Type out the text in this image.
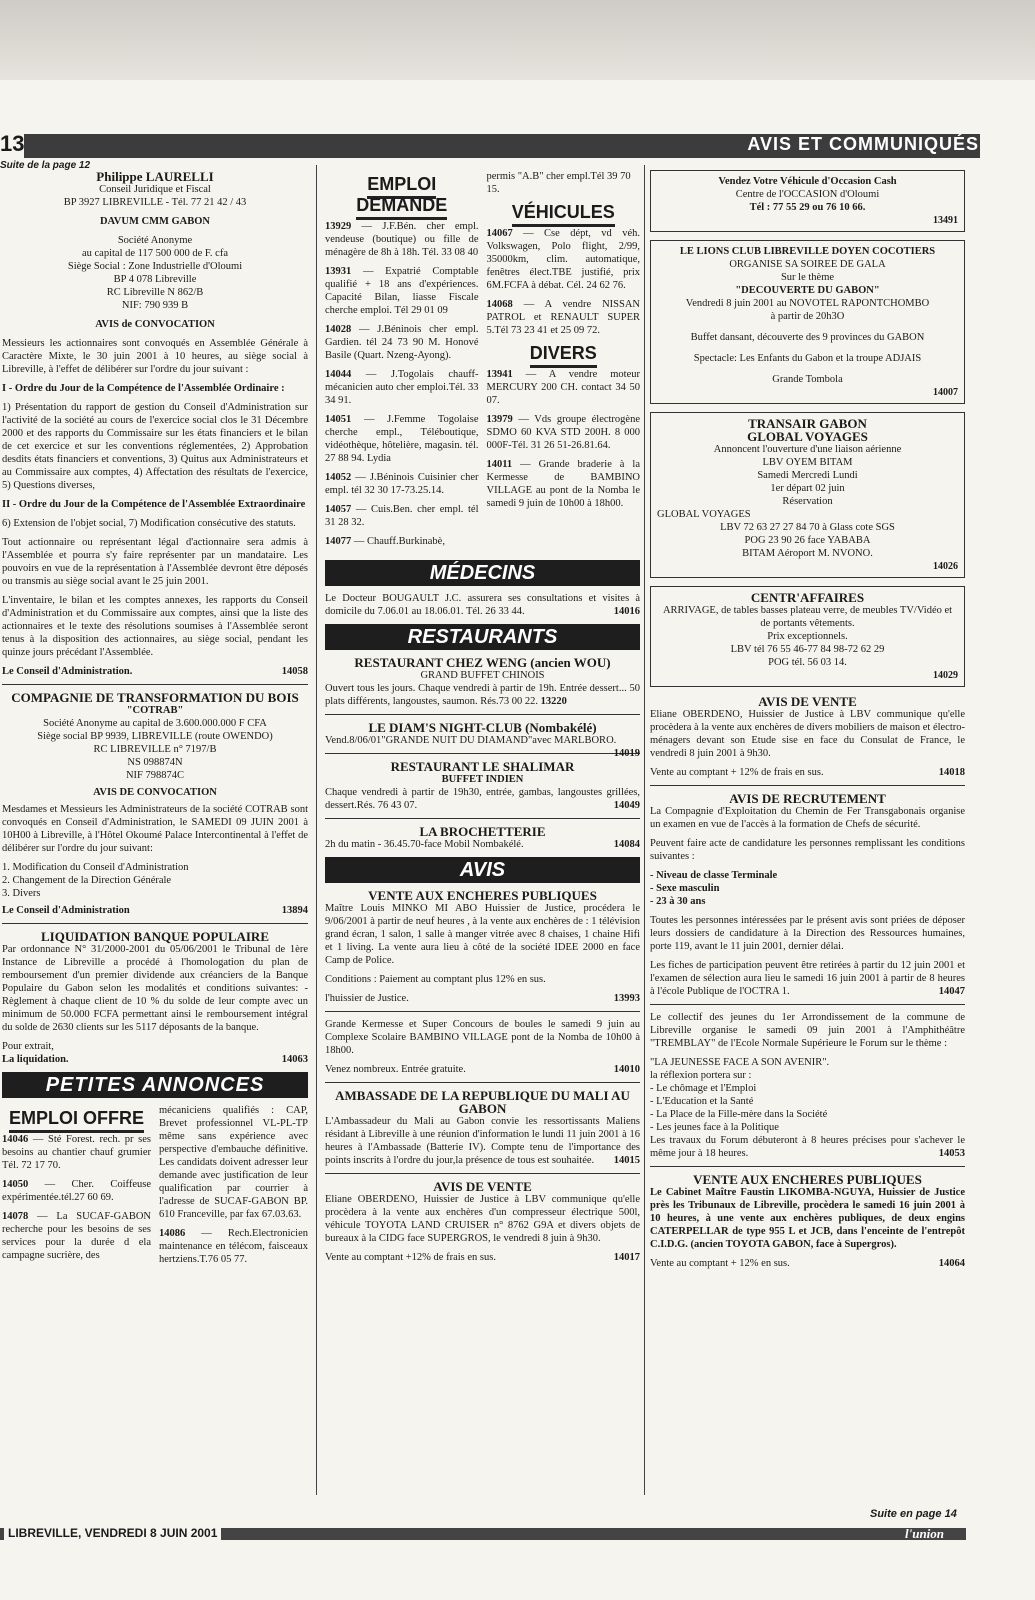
13	AVIS ET COMMUNIQUÉS
Suite de la page 12
Philippe LAURELLI
Conseil Juridique et Fiscal
BP 3927 LIBREVILLE - Tél. 77 21 42 / 43
DAVUM CMM GABON
Société Anonyme
au capital de 117 500 000 de F. cfa
Siège Social : Zone Industrielle d'Oloumi
BP 4 078 Libreville
RC Libreville N 862/B
NIF: 790 939 B
AVIS de CONVOCATION

Messieurs les actionnaires sont convoqués en Assemblée Générale à Caractère Mixte, le 30 juin 2001 à 10 heures, au siège social à Libreville, à l'effet de délibérer sur l'ordre du jour suivant :

I - Ordre du Jour de la Compétence de l'Assemblée Ordinaire :

1) Présentation du rapport de gestion du Conseil d'Administration sur l'activité de la société au cours de l'exercice social clos le 31 Décembre 2000 et des rapports du Commissaire sur les états financiers et le bilan de cet exercice et sur les conventions réglementées, 2) Approbation desdits états financiers et conventions, 3) Quitus aux Administrateurs et au Commissaire aux comptes, 4) Affectation des résultats de l'exercice, 5) Questions diverses,

II - Ordre du Jour de la Compétence de l'Assemblée Extraordinaire

6) Extension de l'objet social, 7) Modification consécutive des statuts.

Tout actionnaire ou représentant légal d'actionnaire sera admis à l'Assemblée et pourra s'y faire représenter par un mandataire. Les pouvoirs en vue de la représentation à l'Assemblée devront être déposés ou transmis au siège social avant le 25 juin 2001.

L'inventaire, le bilan et les comptes annexes, les rapports du Conseil d'Administration et du Commissaire aux comptes, ainsi que la liste des actionnaires et le texte des résolutions soumises à l'Assemblée seront tenus à la disposition des actionnaires, au siège social, pendant les quinze jours précédant l'Assemblée.

Le Conseil d'Administration.	14058
COMPAGNIE DE TRANSFORMATION DU BOIS
"COTRAB"
Société Anonyme au capital de 3.600.000.000 F CFA
Siège social BP 9939, LIBREVILLE (route OWENDO)
RC LIBREVILLE n° 7197/B
NS 098874N
NIF 798874C
AVIS DE CONVOCATION

Mesdames et Messieurs les Administrateurs de la société COTRAB sont convoqués en Conseil d'Administration, le SAMEDI 09 JUIN 2001 à 10H00 à Libreville, à l'Hôtel Okoumé Palace Intercontinental à l'effet de délibérer sur l'ordre du jour suivant:

1. Modification du Conseil d'Administration
2. Changement de la Direction Générale
3. Divers
Le Conseil d'Administration	13894
LIQUIDATION BANQUE POPULAIRE

Par ordonnance N° 31/2000-2001 du 05/06/2001 le Tribunal de 1ère Instance de Libreville a procédé à l'homologation du plan de remboursement d'un premier dividende aux créanciers de la Banque Populaire du Gabon selon les modalités et conditions suivantes: - Règlement à chaque client de 10 % du solde de leur compte avec un minimum de 50.000 FCFA permettant ainsi le remboursement intégral du solde de 2630 clients sur les 5117 déposants de la banque.

Pour extrait,
La liquidation.	14063
PETITES ANNONCES
EMPLOI OFFRE

14046 — Sté Forest. rech. pr ses besoins au chantier chauf grumier Tél. 72 17 70.

14050 — Cher. Coiffeuse expérimentée.tél.27 60 69.

14078 — La SUCAF-GABON recherche pour les besoins de ses services pour la durée d ela campagne sucrière, des

mécaniciens qualifiés : CAP, Brevet professionnel VL-PL-TP même sans expérience avec perspective d'embauche définitive. Les candidats doivent adresser leur demande avec justification de leur qualification par courrier à l'adresse de SUCAF-GABON BP. 610 Franceville, par fax 67.03.63.

14086 — Rech.Electronicien maintenance en télécom, faisceaux hertziens.T.76 05 77.

EMPLOI DEMANDE

13929 — J.F.Bén. cher empl. vendeuse (boutique) ou fille de ménagère de 8h à 18h. Tél. 33 08 40

13931 — Expatrié Comptable qualifié + 18 ans d'expériences. Capacité Bilan, liasse Fiscale cherche emploi. Tél 29 01 09

14028 — J.Béninois cher empl. Gardien. tél 24 73 90 M. Honové Basile (Quart. Nzeng-Ayong).

14044 — J.Togolais chauff-mécanicien auto cher emploi.Tél. 33 34 91.

14051 — J.Femme Togolaise cherche empl., Téléboutique, vidéothèque, hôtelière, magasin. tél. 27 88 94. Lydia

14052 — J.Béninois Cuisinier cher empl. tél 32 30 17-73.25.14.

14057 — Cuis.Ben. cher empl. tél 31 28 32.

14077 — Chauff.Burkinabè,

permis "A.B" cher empl.Tél 39 70 15.

VÉHICULES

14067 — Cse dépt, vd véh. Volkswagen, Polo flight, 2/99, 35000km, clim. automatique, fenêtres élect.TBE justifié, prix 6M.FCFA à débat. Cél. 24 62 76.

14068 — A vendre NISSAN PATROL et RENAULT SUPER 5.Tél 73 23 41 et 25 09 72.

DIVERS

13941 — A vendre moteur MERCURY 200 CH. contact 34 50 07.

13979 — Vds groupe électrogène SDMO 60 KVA STD 200H. 8 000 000F-Tél. 31 26 51-26.81.64.

14011 — Grande braderie à la Kermesse de BAMBINO VILLAGE au pont de la Nomba le samedi 9 juin de 10h00 à 18h00.

MÉDECINS

Le Docteur BOUGAULT J.C. assurera ses consultations et visites à domicile du 7.06.01 au 18.06.01. Tél. 26 33 44.	14016

RESTAURANTS
RESTAURANT CHEZ WENG (ancien WOU)
GRAND BUFFET CHINOIS

Ouvert tous les jours. Chaque vendredi à partir de 19h. Entrée dessert... 50 plats différents, langoustes, saumon. Rés.73 00 22. 13220

LE DIAM'S NIGHT-CLUB (Nombakélé)

Vend.8/06/01"GRANDE NUIT DU DIAMAND"avec MARLBORO.
14019

RESTAURANT LE SHALIMAR
BUFFET INDIEN

Chaque vendredi à partir de 19h30, entrée, gambas, langoustes grillées, dessert.Rés. 76 43 07.	14049

LA BROCHETTERIE

2h du matin - 36.45.70-face Mobil Nombakélé.	14084

AVIS
VENTE AUX ENCHERES PUBLIQUES

Maître Louis MINKO MI ABO Huissier de Justice, procédera le 9/06/2001 à partir de neuf heures , à la vente aux enchères de : 1 télévision grand écran, 1 salon, 1 salle à manger vitrée avec 8 chaises, 1 chaine Hifi et 1 living. La vente aura lieu à côté de la société IDEE 2000 en face Camp de Police.

Conditions : Paiement au comptant plus 12% en sus.

l'huissier de Justice.	13993

Grande Kermesse et Super Concours de boules le samedi 9 juin au Complexe Scolaire BAMBINO VILLAGE pont de la Nomba de 10h00 à 18h00.

Venez nombreux. Entrée gratuite.	14010
AMBASSADE DE LA REPUBLIQUE DU MALI AU GABON

L'Ambassadeur du Mali au Gabon convie les ressortissants Maliens résidant à Libreville à une réunion d'information le lundi 11 juin 2001 à 16 heures à l'Ambassade (Batterie IV). Compte tenu de l'importance des points inscrits à l'ordre du jour,la présence de tous est souhaitée. 14015

AVIS DE VENTE

Eliane OBERDENO, Huissier de Justice à LBV communique qu'elle procèdera à la vente aux enchères d'un compresseur électrique 500l, véhicule TOYOTA LAND CRUISER n° 8762 G9A et divers objets de bureaux à la CIDG face SUPERGROS, le vendredi 8 juin à 9h30.

Vente au comptant +12% de frais en sus.	14017
Vendez Votre Véhicule d'Occasion Cash
Centre de l'OCCASION d'Oloumi
Tél : 77 55 29 ou 76 10 66.
13491
LE LIONS CLUB LIBREVILLE DOYEN COCOTIERS
ORGANISE SA SOIREE DE GALA
Sur le thème
"DECOUVERTE DU GABON"
Vendredi 8 juin 2001 au NOVOTEL RAPONTCHOMBO
à partir de 20h3O
Buffet dansant, découverte des 9 provinces du GABON
Spectacle: Les Enfants du Gabon et la troupe ADJAIS
Grande Tombola
14007
TRANSAIR GABON
GLOBAL VOYAGES
Annoncent l'ouverture d'une liaison aérienne
LBV OYEM BITAM
Samedi Mercredi Lundi
1er départ 02 juin
Réservation
GLOBAL VOYAGES
LBV 72 63 27 27 84 70 à Glass cote SGS
POG 23 90 26 face YABABA
BITAM Aéroport M. NVONO.
14026
CENTR'AFFAIRES
ARRIVAGE, de tables basses plateau verre, de meubles TV/Vidéo et de portants vêtements.
Prix exceptionnels.
LBV tél 76 55 46-77 84 98-72 62 29
POG tél. 56 03 14.
14029
AVIS DE VENTE

Eliane OBERDENO, Huissier de Justice à LBV communique qu'elle procèdera à la vente aux enchères de divers mobiliers de maison et électro-ménagers devant son Etude sise en face du Consulat de France, le vendredi 8 juin 2001 à 9h30.

Vente au comptant + 12% de frais en sus.	14018
AVIS DE RECRUTEMENT

La Compagnie d'Exploitation du Chemin de Fer Transgabonais organise un examen en vue de l'accès à la formation de Chefs de sécurité.

Peuvent faire acte de candidature les personnes remplissant les conditions suivantes :

- Niveau de classe Terminale
- Sexe masculin
- 23 à 30 ans

Toutes les personnes intéressées par le présent avis sont priées de déposer leurs dossiers de candidature à la Direction des Ressources humaines, porte 119, avant le 11 juin 2001, dernier délai.

Les fiches de participation peuvent être retirées à partir du 12 juin 2001 et l'examen de sélection aura lieu le samedi 16 juin 2001 à partir de 8 heures à l'école Publique de l'OCTRA 1.	14047

Le collectif des jeunes du 1er Arrondissement de la commune de Libreville organise le samedi 09 juin 2001 à l'Amphithéâtre "TREMBLAY" de l'Ecole Normale Supérieure le Forum sur le thème :

"LA JEUNESSE FACE A SON AVENIR".
la réflexion portera sur :
- Le chômage et l'Emploi
- L'Education et la Santé
- La Place de la Fille-mère dans la Société
- Les jeunes face à la Politique

Les travaux du Forum débuteront à 8 heures précises pour s'achever le même jour à 18 heures.	14053

VENTE AUX ENCHERES PUBLIQUES

Le Cabinet Maître Faustin LIKOMBA-NGUYA, Huissier de Justice près les Tribunaux de Libreville, procèdera le samedi 16 juin 2001 à 10 heures, à une vente aux enchères publiques, de deux engins CATERPELLAR de type 955 L et JCB, dans l'enceinte de l'entrepôt C.I.D.G. (ancien TOYOTA GABON, face à Supergros).

Vente au comptant + 12% en sus.	14064
Suite en page 14
LIBREVILLE, VENDREDI 8 JUIN 2001	l'union
